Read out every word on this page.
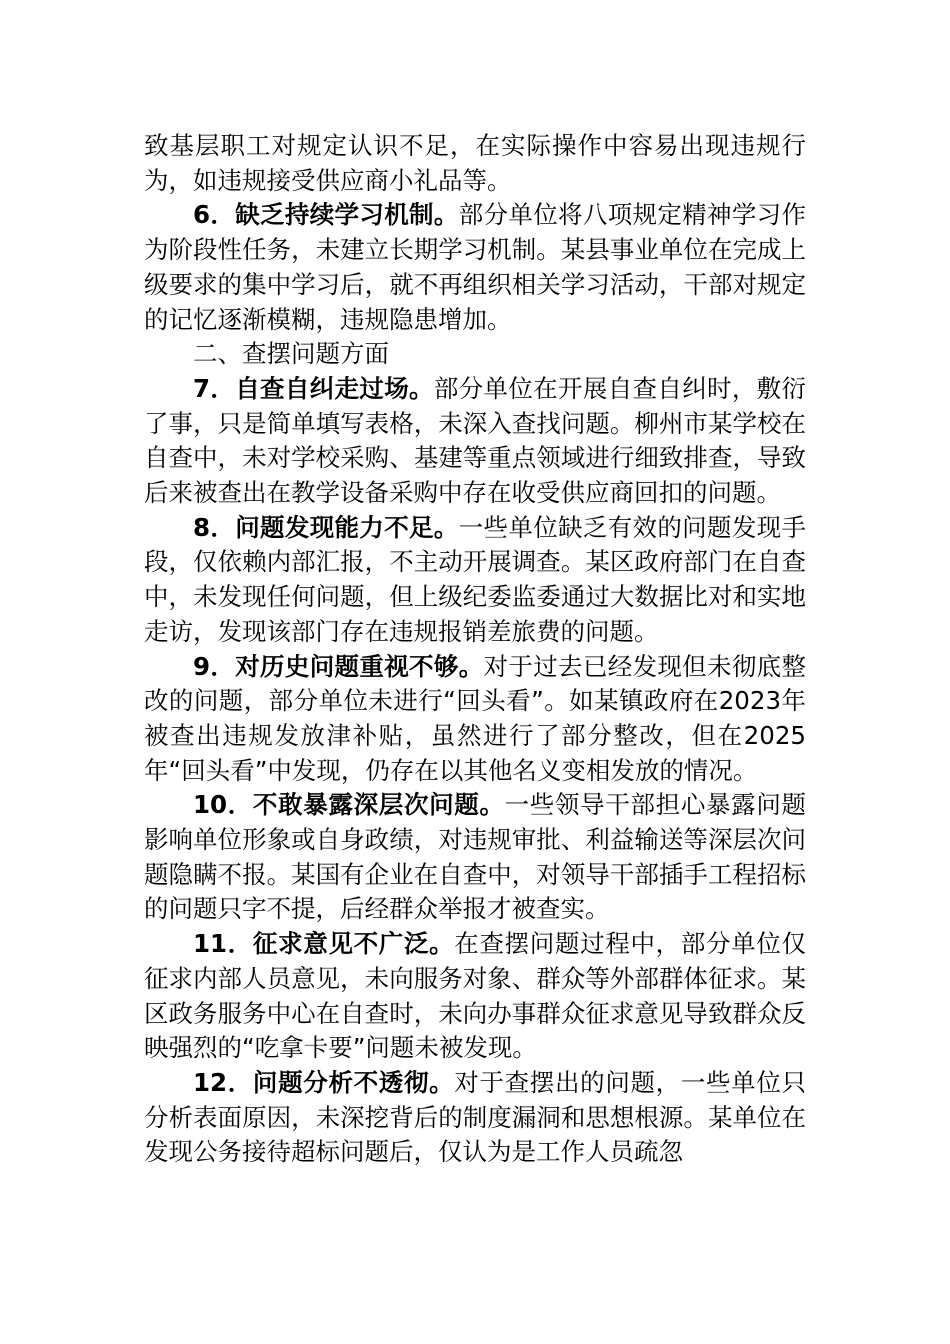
致基层职工对规定认识不足，在实际操作中容易出现违规行为，如违规接受供应商小礼品等。

6．缺乏持续学习机制。部分单位将八项规定精神学习作为阶段性任务，未建立长期学习机制。某县事业单位在完成上级要求的集中学习后，就不再组织相关学习活动，干部对规定的记忆逐渐模糊，违规隐患增加。

二、查摆问题方面

7．自查自纠走过场。部分单位在开展自查自纠时，敷衍了事，只是简单填写表格，未深入查找问题。柳州市某学校在自查中，未对学校采购、基建等重点领域进行细致排查，导致后来被查出在教学设备采购中存在收受供应商回扣的问题。

8．问题发现能力不足。一些单位缺乏有效的问题发现手段，仅依赖内部汇报，不主动开展调查。某区政府部门在自查中，未发现任何问题，但上级纪委监委通过大数据比对和实地走访，发现该部门存在违规报销差旅费的问题。

9．对历史问题重视不够。对于过去已经发现但未彻底整改的问题，部分单位未进行“回头看”。如某镇政府在2023年被查出违规发放津补贴，虽然进行了部分整改，但在2025年“回头看”中发现，仍存在以其他名义变相发放的情况。

10．不敢暴露深层次问题。一些领导干部担心暴露问题影响单位形象或自身政绩，对违规审批、利益输送等深层次问题隐瞒不报。某国有企业在自查中，对领导干部插手工程招标的问题只字不提，后经群众举报才被查实。

11．征求意见不广泛。在查摆问题过程中，部分单位仅征求内部人员意见，未向服务对象、群众等外部群体征求。某区政务服务中心在自查时，未向办事群众征求意见导致群众反映强烈的“吃拿卡要”问题未被发现。

12．问题分析不透彻。对于查摆出的问题，一些单位只分析表面原因，未深挖背后的制度漏洞和思想根源。某单位在发现公务接待超标问题后，仅认为是工作人员疏忽
